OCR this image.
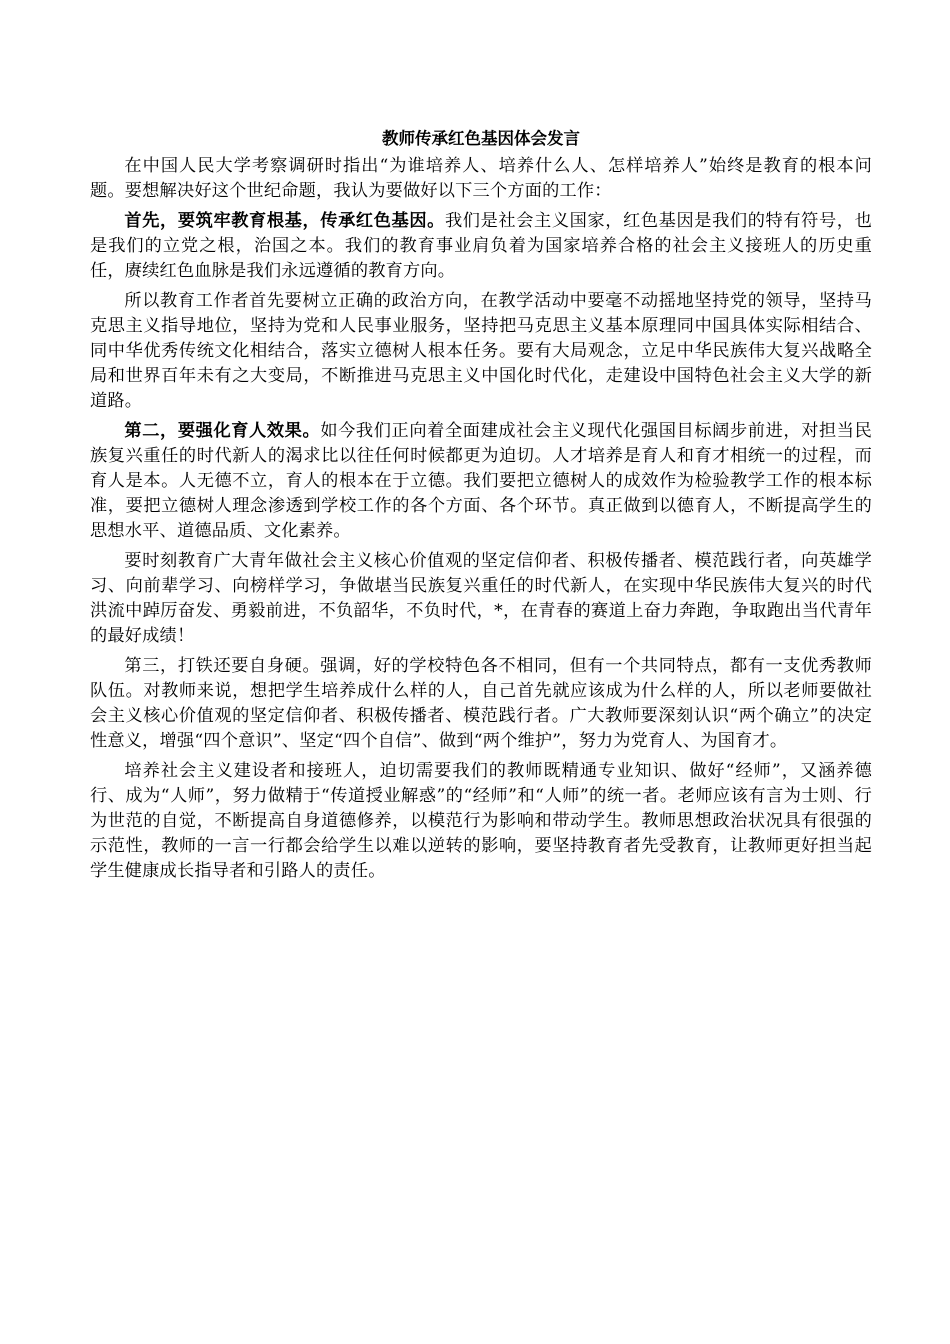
教师传承红色基因体会发言

在中国人民大学考察调研时指出“为谁培养人、培养什么人、怎样培养人”始终是教育的根本问题。要想解决好这个世纪命题，我认为要做好以下三个方面的工作：

首先，要筑牢教育根基，传承红色基因。我们是社会主义国家，红色基因是我们的特有符号，也是我们的立党之根，治国之本。我们的教育事业肩负着为国家培养合格的社会主义接班人的历史重任，赓续红色血脉是我们永远遵循的教育方向。

所以教育工作者首先要树立正确的政治方向，在教学活动中要毫不动摇地坚持党的领导，坚持马克思主义指导地位，坚持为党和人民事业服务，坚持把马克思主义基本原理同中国具体实际相结合、同中华优秀传统文化相结合，落实立德树人根本任务。要有大局观念，立足中华民族伟大复兴战略全局和世界百年未有之大变局，不断推进马克思主义中国化时代化，走建设中国特色社会主义大学的新道路。

第二，要强化育人效果。如今我们正向着全面建成社会主义现代化强国目标阔步前进，对担当民族复兴重任的时代新人的渴求比以往任何时候都更为迫切。人才培养是育人和育才相统一的过程，而育人是本。人无德不立，育人的根本在于立德。我们要把立德树人的成效作为检验教学工作的根本标准，要把立德树人理念渗透到学校工作的各个方面、各个环节。真正做到以德育人，不断提高学生的思想水平、道德品质、文化素养。

要时刻教育广大青年做社会主义核心价值观的坚定信仰者、积极传播者、模范践行者，向英雄学习、向前辈学习、向榜样学习，争做堪当民族复兴重任的时代新人，在实现中华民族伟大复兴的时代洪流中踔厉奋发、勇毅前进，不负韶华，不负时代，*，在青春的赛道上奋力奔跑，争取跑出当代青年的最好成绩！

第三，打铁还要自身硬。强调，好的学校特色各不相同，但有一个共同特点，都有一支优秀教师队伍。对教师来说，想把学生培养成什么样的人，自己首先就应该成为什么样的人，所以老师要做社会主义核心价值观的坚定信仰者、积极传播者、模范践行者。广大教师要深刻认识“两个确立”的决定性意义，增强“四个意识”、坚定“四个自信”、做到“两个维护”，努力为党育人、为国育才。

培养社会主义建设者和接班人，迫切需要我们的教师既精通专业知识、做好“经师”，又涵养德行、成为“人师”，努力做精于“传道授业解惑”的“经师”和“人师”的统一者。老师应该有言为士则、行为世范的自觉，不断提高自身道德修养，以模范行为影响和带动学生。教师思想政治状况具有很强的示范性，教师的一言一行都会给学生以难以逆转的影响，要坚持教育者先受教育，让教师更好担当起学生健康成长指导者和引路人的责任。
